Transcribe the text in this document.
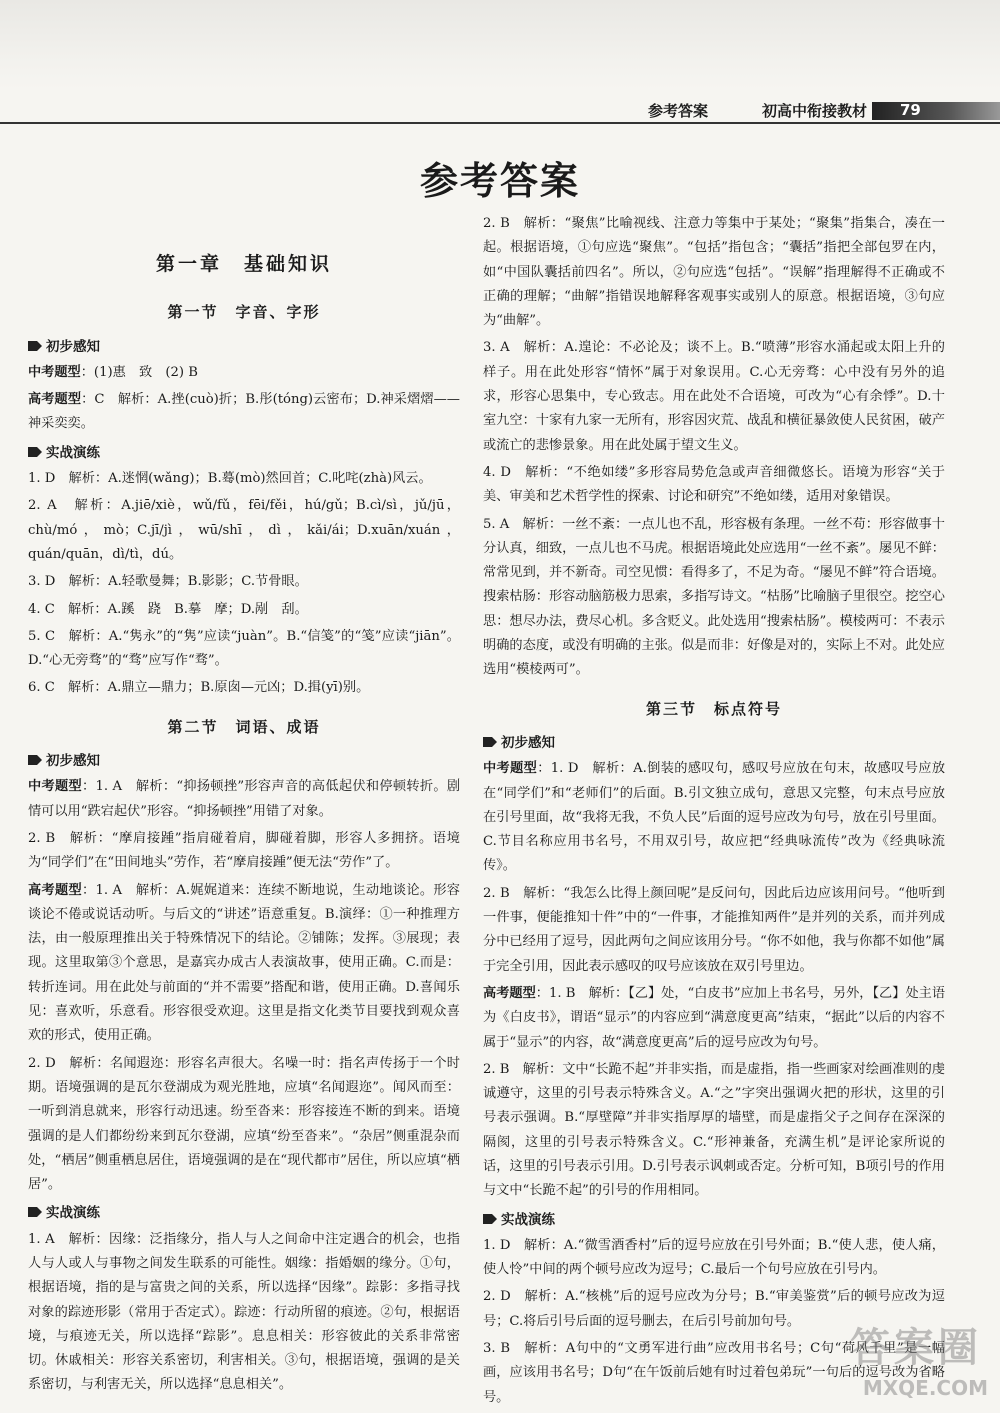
参考答案	初高中衔接教材 79
参考答案
第一章　基础知识
第一节　字音、字形
初步感知

中考题型：(1)惠　致　(2) B

高考题型：C　解析：A.挫(cuò)折；B.彤(tóng)云密布；D.神采熠熠——神采奕奕。

实战演练

1. D　解析：A.迷惘(wǎng)；B.蓦(mò)然回首；C.叱咤(zhà)风云。

2. A　解析：A.jiē/xiè，wǔ/fǔ，fēi/fěi，hú/gǔ；B.cì/sì，jǔ/jū，chù/mó，mò；C.jī/jì，wū/shī，dì，kǎi/ái；D.xuān/xuán，quán/quān，dì/tì，dú。

3. D　解析：A.轻歌曼舞；B.影影；C.节骨眼。

4. C　解析：A.蹊　跷　B.摹　摩；D.剐　刮。

5. C　解析：A.“隽永”的“隽”应读“juàn”。B.“信笺”的“笺”应读“jiān”。D.“心无旁骛”的“骛”应写作“骛”。

6. C　解析：A.鼎立—鼎力；B.原囱—元凶；D.揖(yī)别。

第二节　词语、成语
初步感知

中考题型：1. A　解析：“抑扬顿挫”形容声音的高低起伏和停顿转折。剧情可以用“跌宕起伏”形容。“抑扬顿挫”用错了对象。

2. B　解析：“摩肩接踵”指肩碰着肩，脚碰着脚，形容人多拥挤。语境为“同学们”在“田间地头”劳作，若“摩肩接踵”便无法“劳作”了。

高考题型：1. A　解析：A.娓娓道来：连续不断地说，生动地谈论。形容谈论不倦或说话动听。与后文的“讲述”语意重复。B.演绎：①一种推理方法，由一般原理推出关于特殊情况下的结论。②铺陈；发挥。③展现；表现。这里取第③个意思，是嘉宾办成古人表演故事，使用正确。C.而是：转折连词。用在此处与前面的“并不需要”搭配和谐，使用正确。D.喜闻乐见：喜欢听，乐意看。形容很受欢迎。这里是指文化类节目要找到观众喜欢的形式，使用正确。

2. D　解析：名闻遐迩：形容名声很大。名噪一时：指名声传扬于一个时期。语境强调的是瓦尔登湖成为观光胜地，应填“名闻遐迩”。闻风而至：一听到消息就来，形容行动迅速。纷至沓来：形容接连不断的到来。语境强调的是人们都纷纷来到瓦尔登湖，应填“纷至沓来”。“杂居”侧重混杂而处，“栖居”侧重栖息居住，语境强调的是在“现代都市”居住，所以应填“栖居”。

实战演练

1. A　解析：因缘：泛指缘分，指人与人之间命中注定遇合的机会，也指人与人或人与事物之间发生联系的可能性。姻缘：指婚姻的缘分。①句，根据语境，指的是与富贵之间的关系，所以选择“因缘”。踪影：多指寻找对象的踪迹形影（常用于否定式）。踪迹：行动所留的痕迹。②句，根据语境，与痕迹无关，所以选择“踪影”。息息相关：形容彼此的关系非常密切。休戚相关：形容关系密切，利害相关。③句，根据语境，强调的是关系密切，与利害无关，所以选择“息息相关”。

2. B　解析：“聚焦”比喻视线、注意力等集中于某处；“聚集”指集合，凑在一起。根据语境，①句应选“聚焦”。“包括”指包含；“囊括”指把全部包罗在内，如“中国队囊括前四名”。所以，②句应选“包括”。“误解”指理解得不正确或不正确的理解；“曲解”指错误地解释客观事实或别人的原意。根据语境，③句应为“曲解”。

3. A　解析：A.遑论：不必论及；谈不上。B.“喷薄”形容水涌起或太阳上升的样子。用在此处形容“情怀”属于对象误用。C.心无旁骛：心中没有另外的追求，形容心思集中，专心致志。用在此处不合语境，可改为“心有余悸”。D.十室九空：十家有九家一无所有，形容因灾荒、战乱和横征暴敛使人民贫困，破产或流亡的悲惨景象。用在此处属于望文生义。

4. D　解析：“不绝如缕”多形容局势危急或声音细微悠长。语境为形容“关于美、审美和艺术哲学性的探索、讨论和研究”不绝如缕，适用对象错误。

5. A　解析：一丝不紊：一点儿也不乱，形容极有条理。一丝不苟：形容做事十分认真，细致，一点儿也不马虎。根据语境此处应选用“一丝不紊”。屡见不鲜：常常见到，并不新奇。司空见惯：看得多了，不足为奇。“屡见不鲜”符合语境。搜索枯肠：形容动脑筋极力思索，多指写诗文。“枯肠”比喻脑子里很空。挖空心思：想尽办法，费尽心机。多含贬义。此处选用“搜索枯肠”。模棱两可：不表示明确的态度，或没有明确的主张。似是而非：好像是对的，实际上不对。此处应选用“模棱两可”。

第三节　标点符号
初步感知

中考题型：1. D　解析：A.倒装的感叹句，感叹号应放在句末，故感叹号应放在“同学们”和“老师们”的后面。B.引文独立成句，意思又完整，句末点号应放在引号里面，故“我将无我，不负人民”后面的逗号应改为句号，放在引号里面。C.节目名称应用书名号，不用双引号，故应把“经典咏流传”改为《经典咏流传》。

2. B　解析：“我怎么比得上颜回呢”是反问句，因此后边应该用问号。“他听到一件事，便能推知十件”中的“一件事，才能推知两件”是并列的关系，而并列成分中已经用了逗号，因此两句之间应该用分号。“你不如他，我与你都不如他”属于完全引用，因此表示感叹的叹号应该放在双引号里边。

高考题型：1. B　解析：【乙】处，“白皮书”应加上书名号，另外，【乙】处主语为《白皮书》，谓语“显示”的内容应到“满意度更高”结束，“据此”以后的内容不属于“显示”的内容，故“满意度更高”后的逗号应改为句号。

2. B　解析：文中“长跪不起”并非实指，而是虚指，指一些画家对绘画准则的虔诚遵守，这里的引号表示特殊含义。A.“之”字突出强调火把的形状，这里的引号表示强调。B.“厚壁障”并非实指厚厚的墙壁，而是虚指父子之间存在深深的隔阂，这里的引号表示特殊含义。C.“形神兼备，充满生机”是评论家所说的话，这里的引号表示引用。D.引号表示讽刺或否定。分析可知，B项引号的作用与文中“长跪不起”的引号的作用相同。

实战演练

1. D　解析：A.“微雪酒香村”后的逗号应放在引号外面；B.“使人悲，使人痛，使人怜”中间的两个顿号应改为逗号；C.最后一个句号应放在引号内。

2. D　解析：A.“核桃”后的逗号应改为分号；B.“审美鉴赏”后的顿号应改为逗号；C.将后引号后面的逗号删去，在后引号前加句号。

3. B　解析：A句中的“文勇军进行曲”应改用书名号；C句“荷风千里”是一幅画，应该用书名号；D句“在午饭前后她有时过着包弟玩”一句后的逗号改为省略号。

答案圈
MXQE.COM
